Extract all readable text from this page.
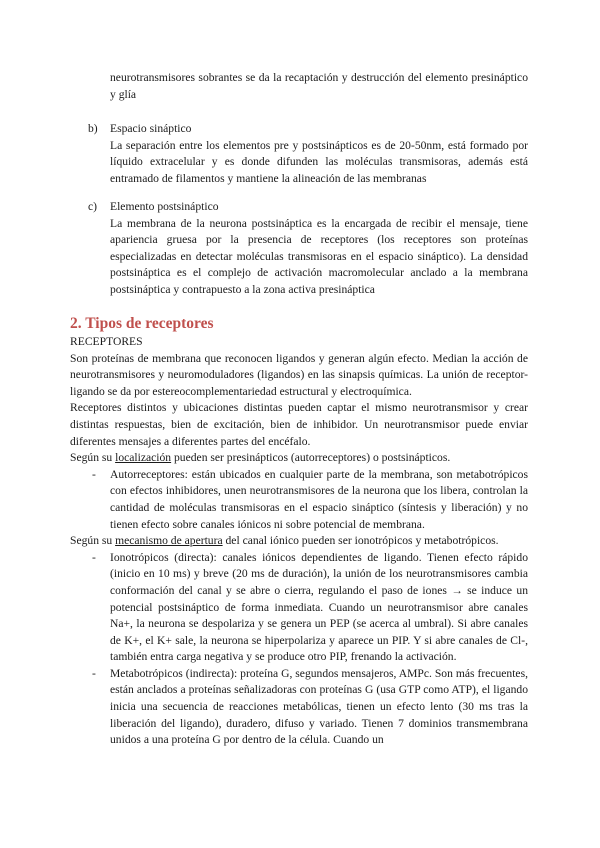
neurotransmisores sobrantes se da la recaptación y destrucción del elemento presináptico y glía
b) Espacio sináptico
La separación entre los elementos pre y postsinápticos es de 20-50nm, está formado por líquido extracelular y es donde difunden las moléculas transmisoras, además está entramado de filamentos y mantiene la alineación de las membranas
c) Elemento postsináptico
La membrana de la neurona postsináptica es la encargada de recibir el mensaje, tiene apariencia gruesa por la presencia de receptores (los receptores son proteínas especializadas en detectar moléculas transmisoras en el espacio sináptico). La densidad postsináptica es el complejo de activación macromolecular anclado a la membrana postsináptica y contrapuesto a la zona activa presináptica
2. Tipos de receptores
RECEPTORES

Son proteínas de membrana que reconocen ligandos y generan algún efecto. Median la acción de neurotransmisores y neuromoduladores (ligandos) en las sinapsis químicas. La unión de receptor-ligando se da por estereocomplementariedad estructural y electroquímica.

Receptores distintos y ubicaciones distintas pueden captar el mismo neurotransmisor y crear distintas respuestas, bien de excitación, bien de inhibidor. Un neurotransmisor puede enviar diferentes mensajes a diferentes partes del encéfalo.

Según su localización pueden ser presinápticos (autorreceptores) o postsinápticos.

- Autorreceptores: están ubicados en cualquier parte de la membrana, son metabotrópicos con efectos inhibidores, unen neurotransmisores de la neurona que los libera, controlan la cantidad de moléculas transmisoras en el espacio sináptico (síntesis y liberación) y no tienen efecto sobre canales iónicos ni sobre potencial de membrana.

Según su mecanismo de apertura del canal iónico pueden ser ionotrópicos y metabotrópicos.

- Ionotrópicos (directa): canales iónicos dependientes de ligando. Tienen efecto rápido (inicio en 10 ms) y breve (20 ms de duración), la unión de los neurotransmisores cambia conformación del canal y se abre o cierra, regulando el paso de iones → se induce un potencial postsináptico de forma inmediata. Cuando un neurotransmisor abre canales Na+, la neurona se despolariza y se genera un PEP (se acerca al umbral). Si abre canales de K+, el K+ sale, la neurona se hiperpolariza y aparece un PIP. Y si abre canales de Cl-, también entra carga negativa y se produce otro PIP, frenando la activación.
- Metabotrópicos (indirecta): proteína G, segundos mensajeros, AMPc. Son más frecuentes, están anclados a proteínas señalizadoras con proteínas G (usa GTP como ATP), el ligando inicia una secuencia de reacciones metabólicas, tienen un efecto lento (30 ms tras la liberación del ligando), duradero, difuso y variado. Tienen 7 dominios transmembrana unidos a una proteína G por dentro de la célula. Cuando un
